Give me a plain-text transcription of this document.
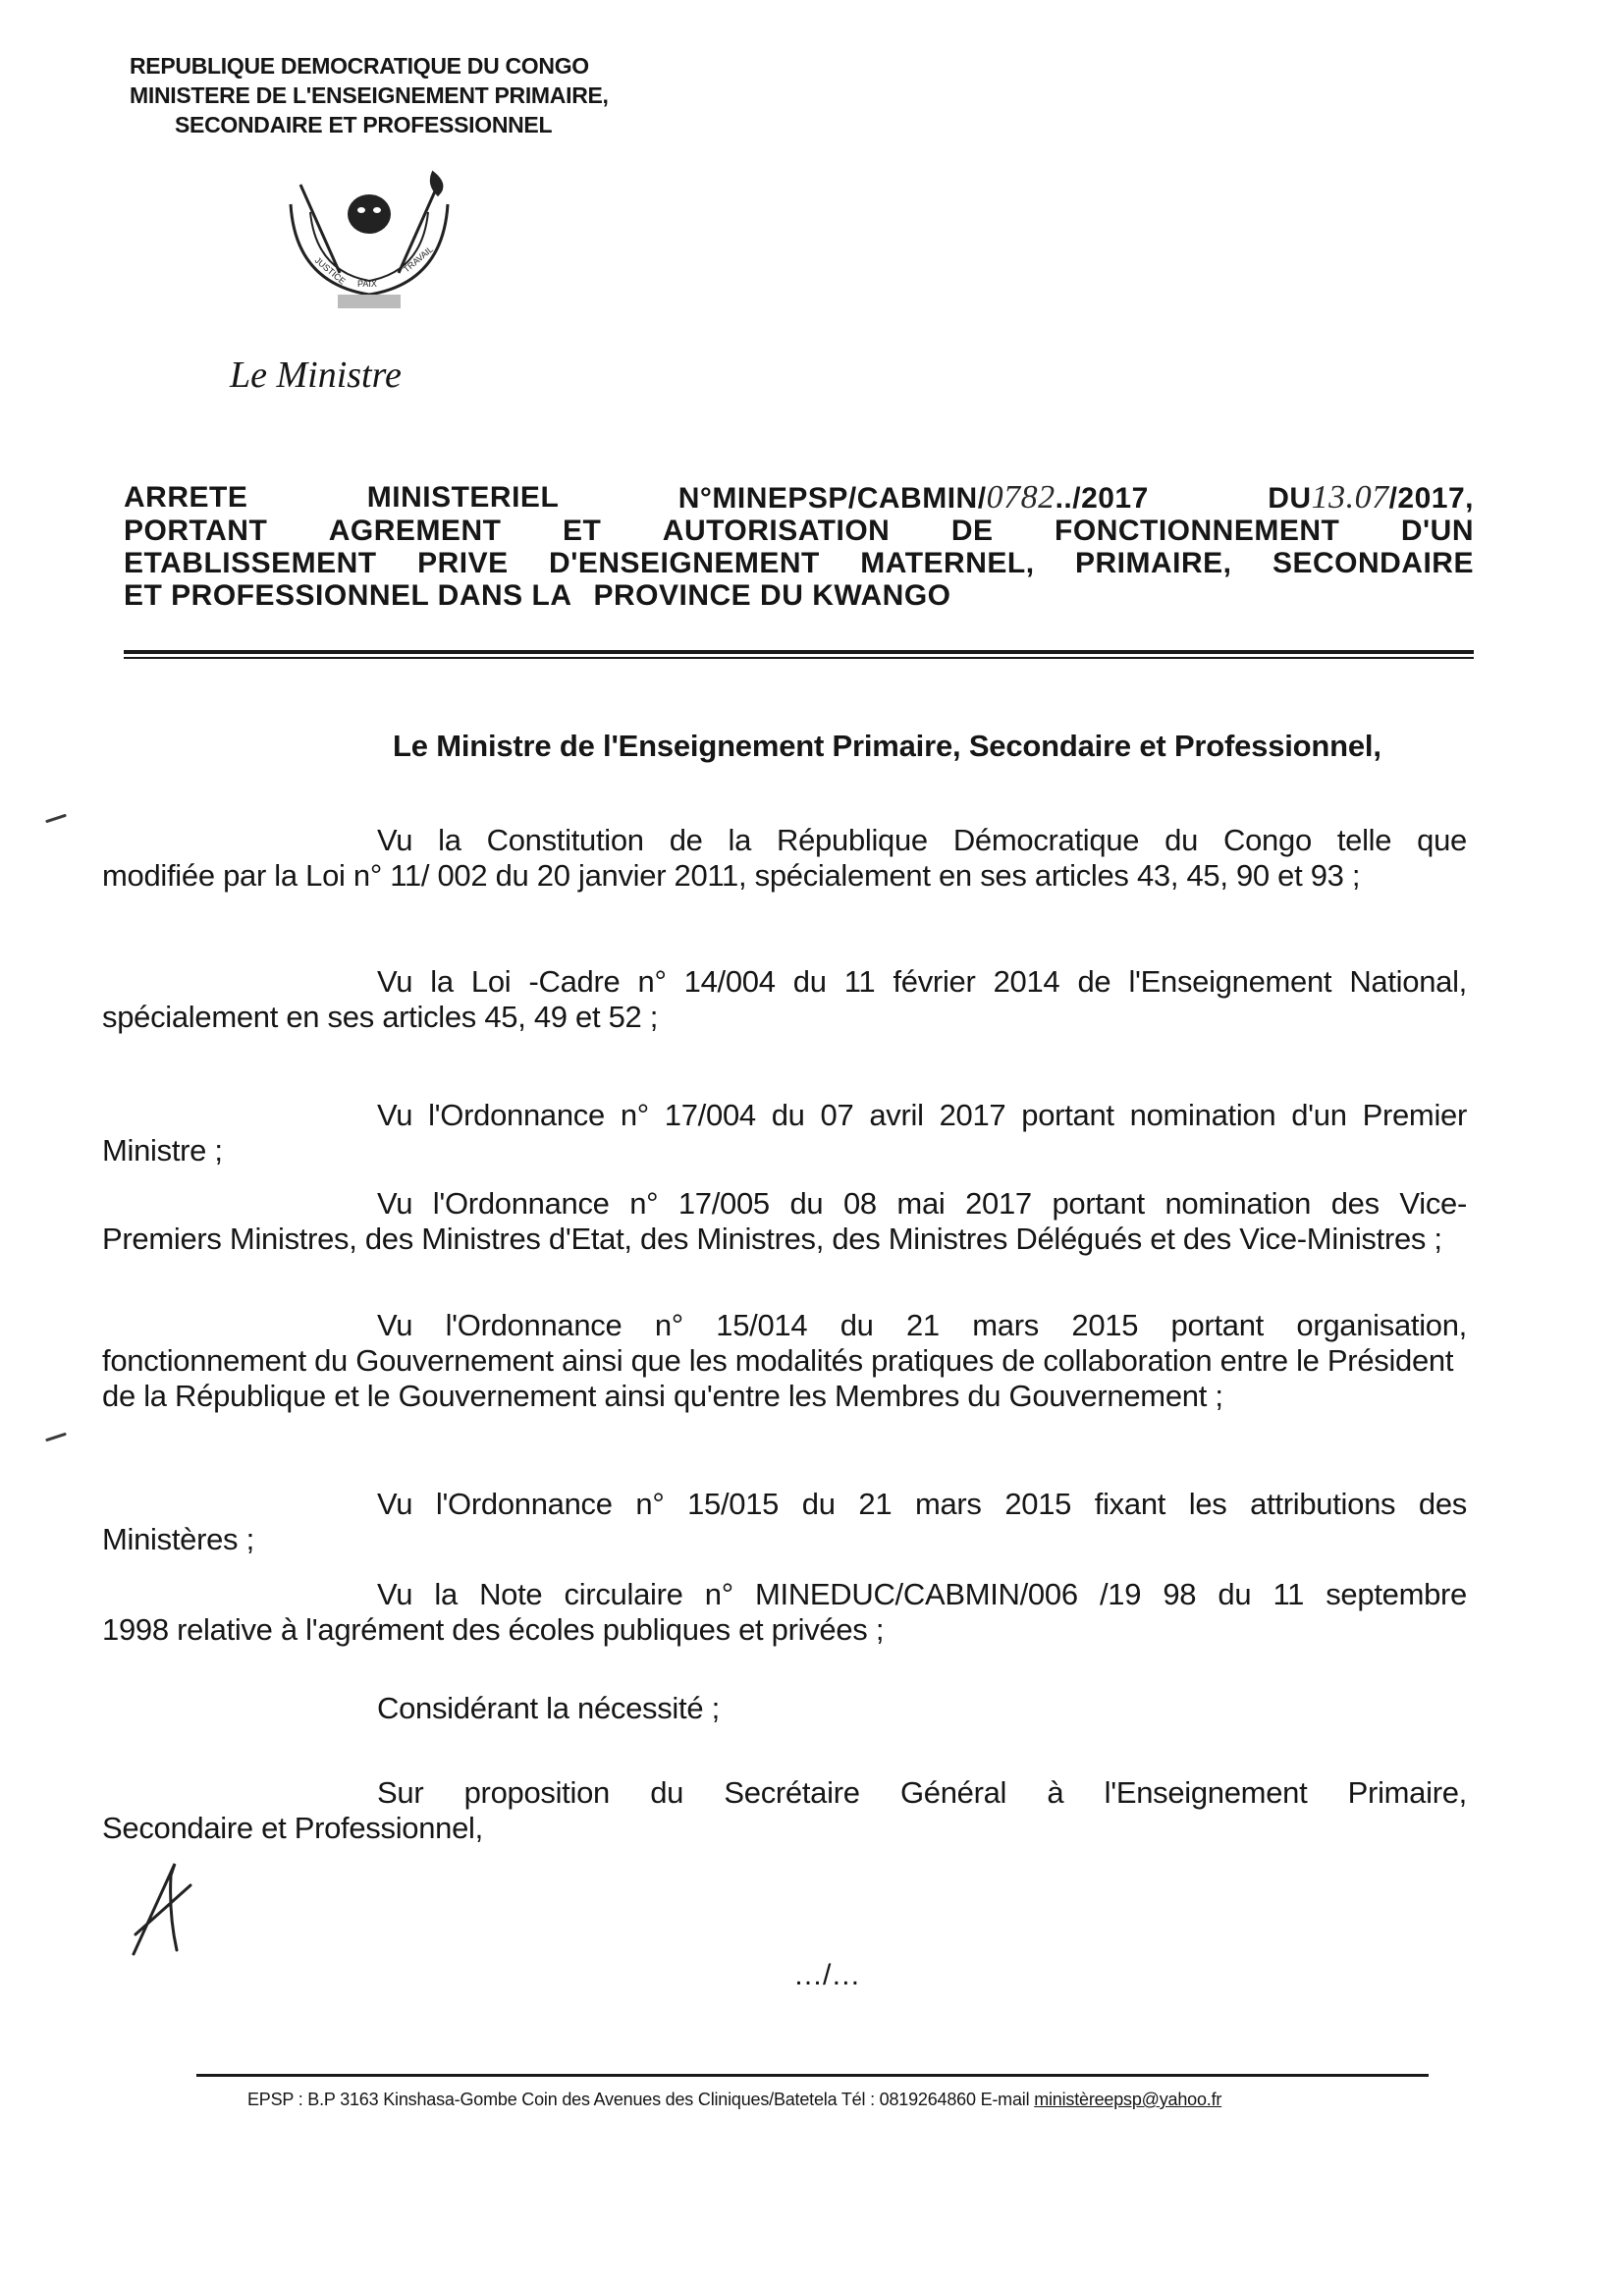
REPUBLIQUE DEMOCRATIQUE DU CONGO
MINISTERE DE L'ENSEIGNEMENT PRIMAIRE,
SECONDAIRE ET PROFESSIONNEL
JUSTICE PAIX
TRAVAIL
Le Ministre
ARRETE	MINISTERIEL	N°MINEPSP/CABMIN/0782../2017	DU13.07/2017,
PORTANT AGREMENT ET AUTORISATION DE FONCTIONNEMENT D'UN
ETABLISSEMENT PRIVE D'ENSEIGNEMENT MATERNEL, PRIMAIRE, SECONDAIRE
ET PROFESSIONNEL DANS LA PROVINCE DU KWANGO
Le Ministre de l'Enseignement Primaire, Secondaire et Professionnel,
Vu la Constitution de la République Démocratique du Congo telle que
modifiée par la Loi n° 11/ 002 du 20 janvier 2011, spécialement en ses articles 43, 45, 90 et 93 ;
Vu la Loi -Cadre n° 14/004 du 11 février 2014 de l'Enseignement National,
spécialement en ses articles 45, 49 et 52 ;
Vu l'Ordonnance n° 17/004 du 07 avril 2017 portant nomination d'un Premier
Ministre ;
Vu l'Ordonnance n° 17/005 du 08 mai 2017 portant nomination des Vice-
Premiers Ministres, des Ministres d'Etat, des Ministres, des Ministres Délégués et des Vice-Ministres ;
Vu l'Ordonnance n° 15/014 du 21 mars 2015 portant organisation,
fonctionnement du Gouvernement ainsi que les modalités pratiques de collaboration entre le Président de la République et le Gouvernement ainsi qu'entre les Membres du Gouvernement ;
Vu l'Ordonnance n° 15/015 du 21 mars 2015 fixant les attributions des
Ministères ;
Vu la Note circulaire n° MINEDUC/CABMIN/006 /19 98 du 11 septembre
1998 relative à l'agrément des écoles publiques et privées ;
Considérant la nécessité ;
Sur proposition du Secrétaire Général à l'Enseignement Primaire,
Secondaire et Professionnel,
…/…
EPSP : B.P 3163 Kinshasa-Gombe Coin des Avenues des Cliniques/Batetela Tél : 0819264860 E-mail ministèreepsp@yahoo.fr
